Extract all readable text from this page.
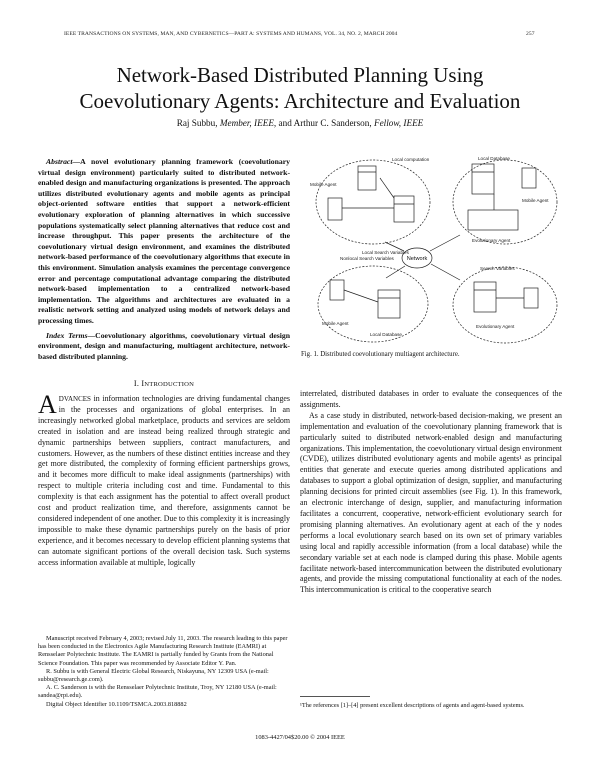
IEEE TRANSACTIONS ON SYSTEMS, MAN, AND CYBERNETICS—PART A: SYSTEMS AND HUMANS, VOL. 34, NO. 2, MARCH 2004	257
Network-Based Distributed Planning Using
Coevolutionary Agents: Architecture and Evaluation
Raj Subbu, Member, IEEE, and Arthur C. Sanderson, Fellow, IEEE
Abstract—A novel evolutionary planning framework (coevolutionary virtual design environment) particularly suited to distributed network-enabled design and manufacturing organizations is presented. The approach utilizes distributed evolutionary agents and mobile agents as principal object-oriented software entities that support a network-efficient evolutionary exploration of planning alternatives in which successive populations systematically select planning alternatives that reduce cost and increase throughput. This paper presents the architecture of the coevolutionary virtual design environment, and examines the distributed network-based performance of the coevolutionary algorithms that execute in this environment. Simulation analysis examines the percentage convergence error and percentage computational advantage comparing the distributed network-based implementation to a centralized network-based implementation. The algorithms and architectures are evaluated in a realistic network setting and analyzed using models of network delays and processing times.
Index Terms—Coevolutionary algorithms, coevolutionary virtual design environment, design and manufacturing, multiagent architecture, network-based distributed planning.

I. INTRODUCTION

ADVANCES in information technologies are driving fundamental changes in the processes and organizations of global enterprises. In an increasingly networked global marketplace, products and services are seldom created in isolation and are instead being realized through strategic and dynamic partnerships between suppliers, contract manufacturers, and customers. However, as the numbers of these distinct entities increase and they get more distributed, the complexity of forming efficient partnerships grows, and it becomes more difficult to make ideal assignments (partnerships) with respect to multiple criteria including cost and time. Fundamental to this complexity is that each assignment has the potential to affect overall product cost and product realization time, and therefore, assignments cannot be considered independent of one another. Due to this complexity it is increasingly impossible to make these dynamic partnerships purely on the basis of prior experience, and it becomes necessary to develop efficient planning systems that can automate significant portions of the overall decision task. Such systems access information available at multiple, logically

Manuscript received February 4, 2003; revised July 11, 2003. The research leading to this paper has been conducted in the Electronics Agile Manufacturing Research Institute (EAMRI) at Rensselaer Polytechnic Institute. The EAMRI is partially funded by Grants from the National Science Foundation. This paper was recommended by Associate Editor Y. Pan.

R. Subbu is with General Electric Global Research, Niskayuna, NY 12309 USA (e-mail: subbu@research.ge.com).

A. C. Sanderson is with the Rensselaer Polytechnic Institute, Troy, NY 12180 USA (e-mail: sandea@rpi.edu).

Digital Object Identifier 10.1109/TSMCA.2003.818882

Local computation
Mobile Agent
Local Search Variables
Nonlocal Search Variables
Local Database
Mobile Agent
Evolutionary Agent
Search Variables
Mobile Agent
Local Database
Evolutionary Agent
Network
Fig. 1. Distributed coevolutionary multiagent architecture.

interrelated, distributed databases in order to evaluate the consequences of the assignments.

As a case study in distributed, network-based decision-making, we present an implementation and evaluation of the coevolutionary planning framework that is particularly suited to distributed network-enabled design and manufacturing organizations. This implementation, the coevolutionary virtual design environment (CVDE), utilizes distributed evolutionary agents and mobile agents¹ as principal entities that generate and execute queries among distributed applications and databases to support a global optimization of design, supplier, and manufacturing planning decisions for printed circuit assemblies (see Fig. 1). In this framework, an electronic interchange of design, supplier, and manufacturing information facilitates a concurrent, cooperative, network-efficient evolutionary search for promising planning alternatives. An evolutionary agent at each of the y nodes performs a local evolutionary search based on its own set of primary variables using local and rapidly accessible information (from a local database) while the secondary variable set at each node is clamped during this phase. Mobile agents facilitate network-based intercommunication between the distributed evolutionary agents, and provide the missing computational functionality at each of the nodes. This intercommunication is critical to the cooperative search

¹The references [1]–[4] present excellent descriptions of agents and agent-based systems.
1083-4427/04$20.00 © 2004 IEEE
